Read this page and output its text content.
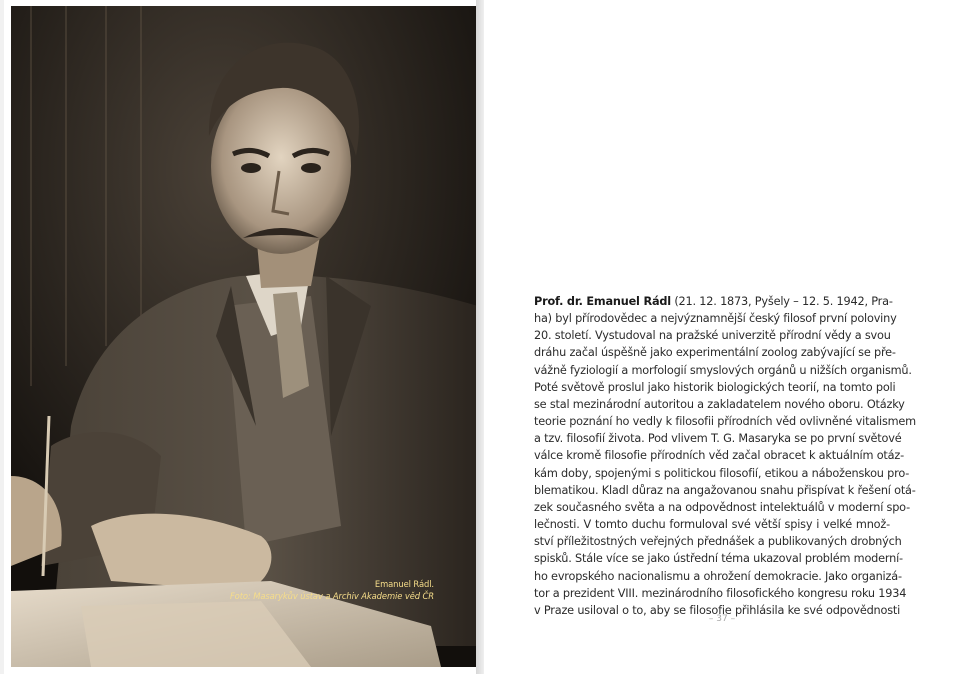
Emanuel Rádl.
Foto: Masarykův ústav a Archiv Akademie věd ČR
Prof. dr. Emanuel Rádl (21. 12. 1873, Pyšely – 12. 5. 1942, Pra-
ha) byl přírodovědec a nejvýznamnější český filosof první poloviny
20. století. Vystudoval na pražské univerzitě přírodní vědy a svou
dráhu začal úspěšně jako experimentální zoolog zabývající se pře-
vážně fyziologií a morfologií smyslových orgánů u nižších organismů.
Poté světově proslul jako historik biologických teorií, na tomto poli
se stal mezinárodní autoritou a zakladatelem nového oboru. Otázky
teorie poznání ho vedly k filosofii přírodních věd ovlivněné vitalismem
a tzv. filosofií života. Pod vlivem T. G. Masaryka se po první světové
válce kromě filosofie přírodních věd začal obracet k aktuálním otáz-
kám doby, spojenými s politickou filosofií, etikou a náboženskou pro-
blematikou. Kladl důraz na angažovanou snahu přispívat k řešení otá-
zek současného světa a na odpovědnost intelektuálů v moderní spo-
lečnosti. V tomto duchu formuloval své větší spisy i velké množ-
ství příležitostných veřejných přednášek a publikovaných drobných
spisků. Stále více se jako ústřední téma ukazoval problém moderní-
ho evropského nacionalismu a ohrožení demokracie. Jako organizá-
tor a prezident VIII. mezinárodního filosofického kongresu roku 1934
v Praze usiloval o to, aby se filosofie přihlásila ke své odpovědnosti
– 37 –
